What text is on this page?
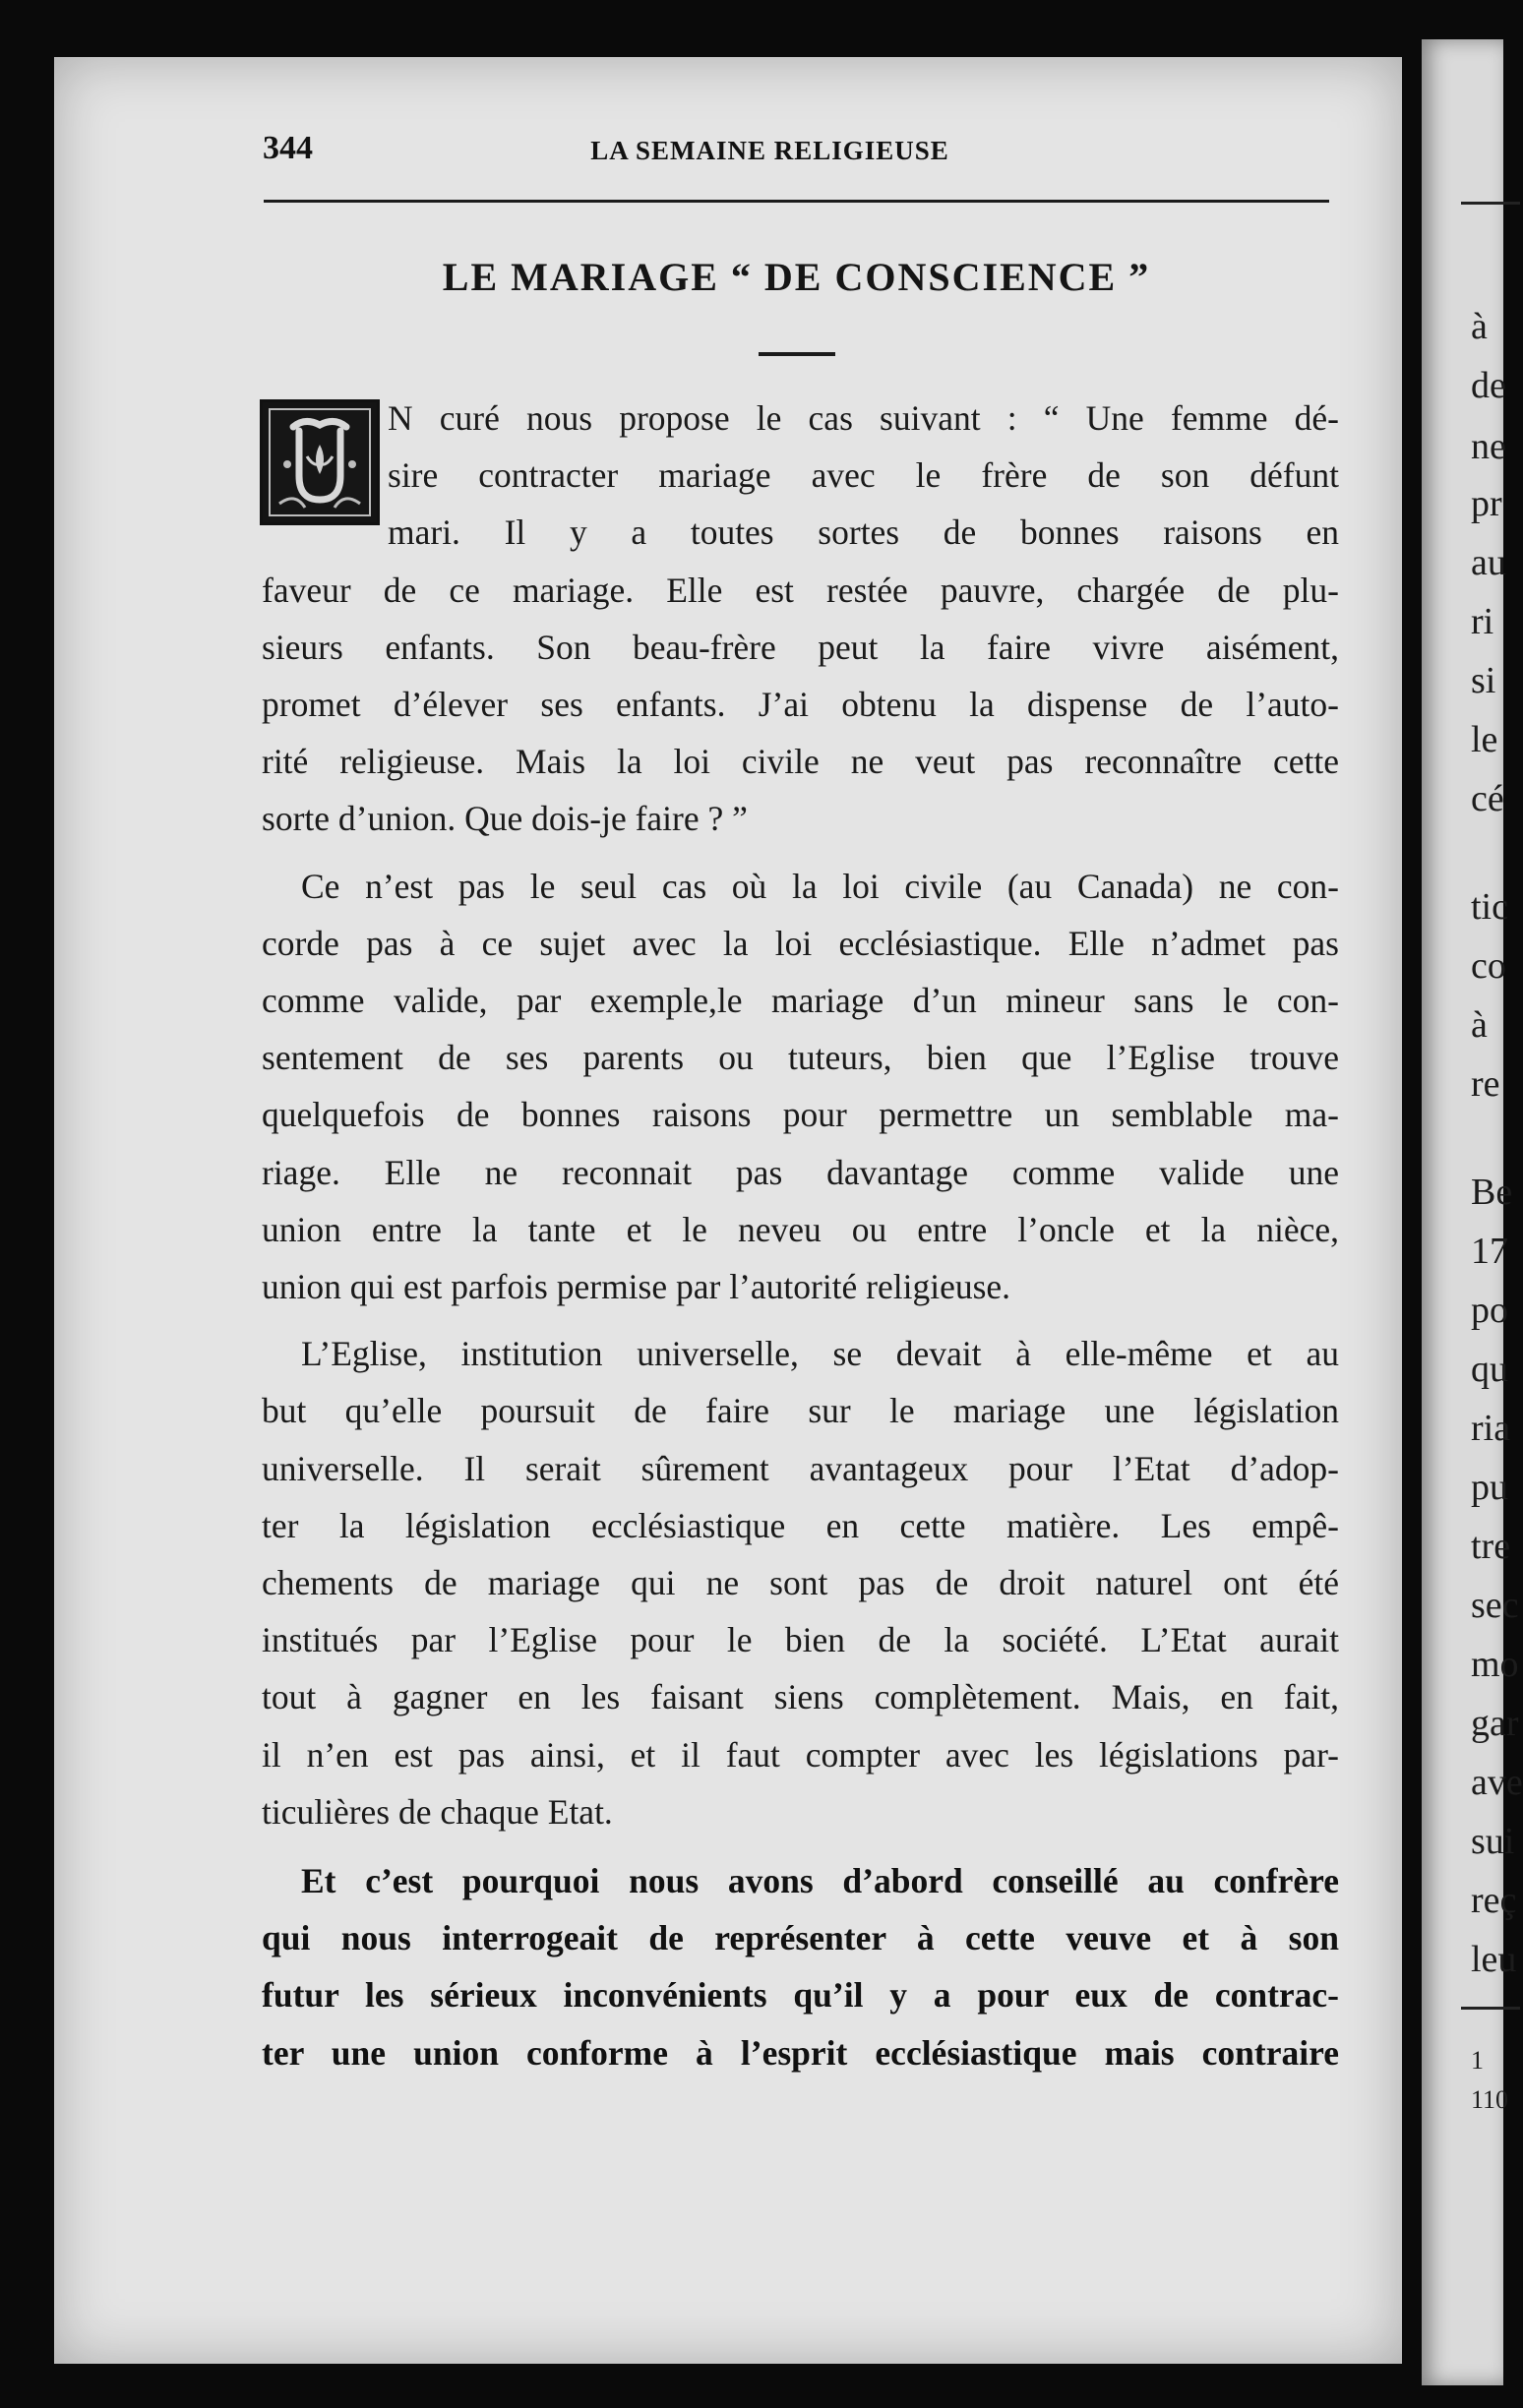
à
de
ne
pr
au
ri
si
le
cé
tic
co
à
re
Be
17
po
qu
ria
pu
tre
sec
mo
gar
ave
sui
reç
leu
1
110
344	LA SEMAINE RELIGIEUSE
LE MARIAGE “ DE CONSCIENCE ”
N curé nous propose le cas suivant : “ Une femme dé-
sire contracter mariage avec le frère de son défunt
mari. Il y a toutes sortes de bonnes raisons en
faveur de ce mariage. Elle est restée pauvre, chargée de plu-
sieurs enfants. Son beau-frère peut la faire vivre aisément,
promet d’élever ses enfants. J’ai obtenu la dispense de l’auto-
rité religieuse. Mais la loi civile ne veut pas reconnaître cette
sorte d’union. Que dois-je faire ? ”
Ce n’est pas le seul cas où la loi civile (au Canada) ne con-
corde pas à ce sujet avec la loi ecclésiastique. Elle n’admet pas
comme valide, par exemple,le mariage d’un mineur sans le con-
sentement de ses parents ou tuteurs, bien que l’Eglise trouve
quelquefois de bonnes raisons pour permettre un semblable ma-
riage. Elle ne reconnait pas davantage comme valide une
union entre la tante et le neveu ou entre l’oncle et la nièce,
union qui est parfois permise par l’autorité religieuse.
L’Eglise, institution universelle, se devait à elle-même et au
but qu’elle poursuit de faire sur le mariage une législation
universelle. Il serait sûrement avantageux pour l’Etat d’adop-
ter la législation ecclésiastique en cette matière. Les empê-
chements de mariage qui ne sont pas de droit naturel ont été
institués par l’Eglise pour le bien de la société. L’Etat aurait
tout à gagner en les faisant siens complètement. Mais, en fait,
il n’en est pas ainsi, et il faut compter avec les législations par-
ticulières de chaque Etat.
Et c’est pourquoi nous avons d’abord conseillé au confrère
qui nous interrogeait de représenter à cette veuve et à son
futur les sérieux inconvénients qu’il y a pour eux de contrac-
ter une union conforme à l’esprit ecclésiastique mais contraire
